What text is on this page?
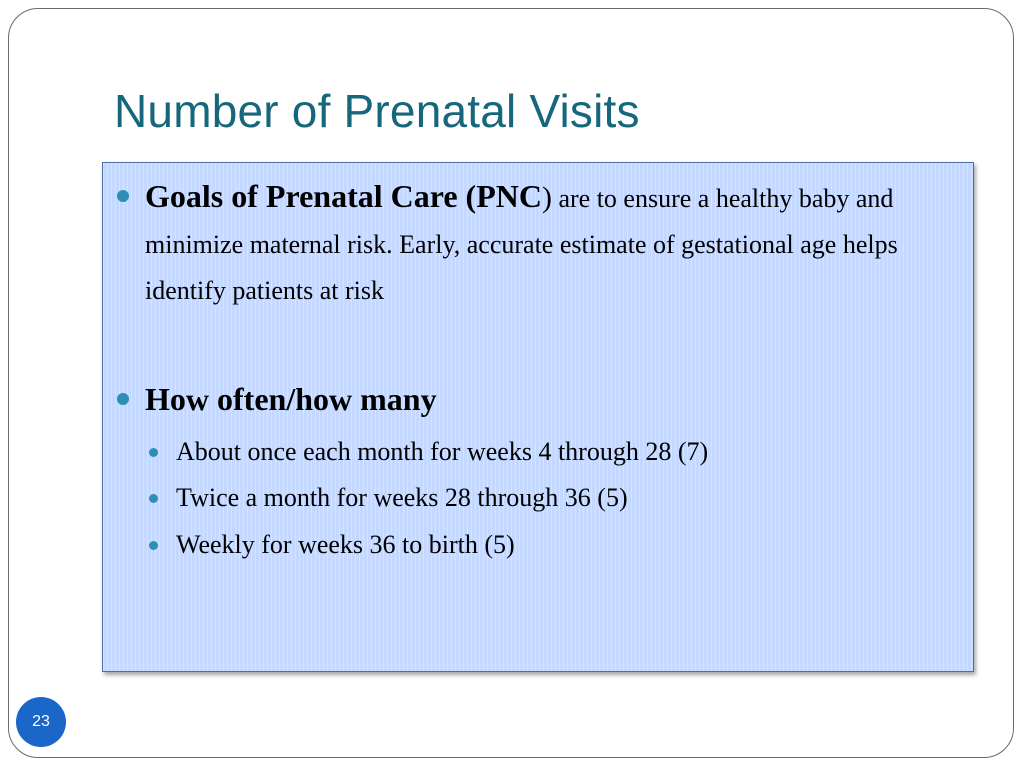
Number of Prenatal Visits
Goals of Prenatal Care (PNC) are to ensure a healthy baby and minimize maternal risk. Early, accurate estimate of gestational age helps identify patients at risk
How often/how many
About once each month for weeks 4 through 28 (7)
Twice a month for weeks 28 through 36 (5)
Weekly for weeks 36 to birth (5)
23
